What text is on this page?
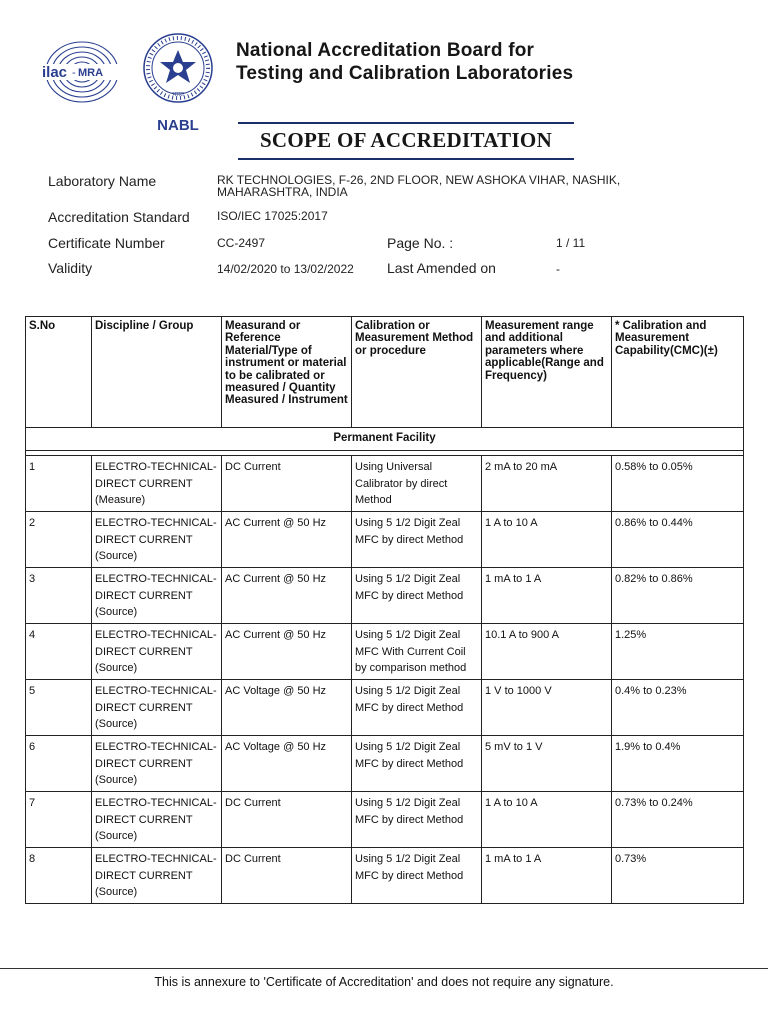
ilac - MRA
भारत
NABL
National Accreditation Board for
Testing and Calibration Laboratories
SCOPE OF ACCREDITATION
Laboratory Name	RK TECHNOLOGIES, F-26, 2ND FLOOR, NEW ASHOKA VIHAR, NASHIK, MAHARASHTRA, INDIA
Accreditation Standard ISO/IEC 17025:2017
Certificate Number	CC-2497	Page No. :	1 / 11
Validity	14/02/2020 to 13/02/2022 Last Amended on	-
S.No	Discipline / Group	Measurand or Reference Material/Type of instrument or material to be calibrated or measured / Quantity Measured / Instrument	Calibration or Measurement Method or procedure	Measurement range and additional parameters where applicable(Range and Frequency)	* Calibration and Measurement Capability(CMC)(±)
Permanent Facility					

1	ELECTRO-TECHNICAL- DIRECT CURRENT (Measure)	DC Current	Using Universal Calibrator by direct Method	2 mA to 20 mA	0.58% to 0.05%
2	ELECTRO-TECHNICAL- DIRECT CURRENT (Source)	AC Current @ 50 Hz	Using 5 1/2 Digit Zeal MFC by direct Method	1 A to 10 A	0.86% to 0.44%
3	ELECTRO-TECHNICAL- DIRECT CURRENT (Source)	AC Current @ 50 Hz	Using 5 1/2 Digit Zeal MFC by direct Method	1 mA to 1 A	0.82% to 0.86%
4	ELECTRO-TECHNICAL- DIRECT CURRENT (Source)	AC Current @ 50 Hz	Using 5 1/2 Digit Zeal MFC With Current Coil by comparison method	10.1 A to 900 A	1.25%
5	ELECTRO-TECHNICAL- DIRECT CURRENT (Source)	AC Voltage @ 50 Hz	Using 5 1/2 Digit Zeal MFC by direct Method	1 V to 1000 V	0.4% to 0.23%
6	ELECTRO-TECHNICAL- DIRECT CURRENT (Source)	AC Voltage @ 50 Hz	Using 5 1/2 Digit Zeal MFC by direct Method	5 mV to 1 V	1.9% to 0.4%
7	ELECTRO-TECHNICAL- DIRECT CURRENT (Source)	DC Current	Using 5 1/2 Digit Zeal MFC by direct Method	1 A to 10 A	0.73% to 0.24%
8	ELECTRO-TECHNICAL- DIRECT CURRENT (Source)	DC Current	Using 5 1/2 Digit Zeal MFC by direct Method	1 mA to 1 A	0.73%
This is annexure to 'Certificate of Accreditation' and does not require any signature.
